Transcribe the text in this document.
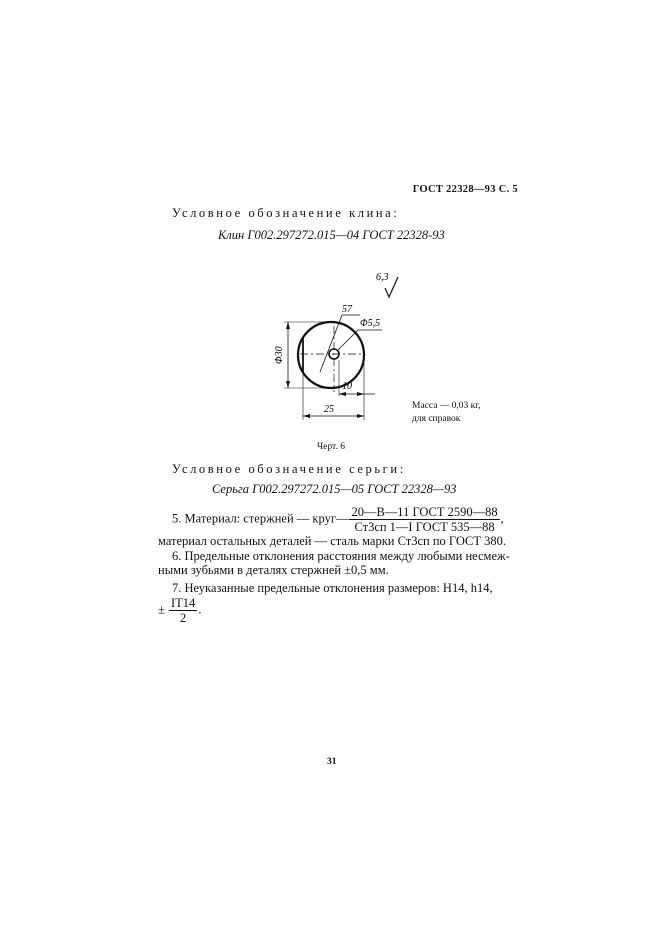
ГОСТ 22328—93 С. 5
Условное обозначение клина:
Клин Г002.297272.015—04 ГОСТ 22328-93
6,3
57
Φ5,5
Φ30
10
25	Масса — 0,03 кг,
для справок
Черт. 6
Условное обозначение серьги:
Серьга Г002.297272.015—05 ГОСТ 22328—93
5. Материал: стержней — круг— $\frac{\text{20—В—11 ГОСТ 2590—88}}{\text{Ст3сп 1—I ГОСТ 535—88}}$ ,
материал остальных деталей — сталь марки Ст3сп по ГОСТ 380.
6. Предельные отклонения расстояния между любыми несмеж-
ными зубьями в деталях стержней ±0,5 мм.
7. Неуказанные предельные отклонения размеров: Н14, h14,
± $\frac{IT14}{2}$ .
31
